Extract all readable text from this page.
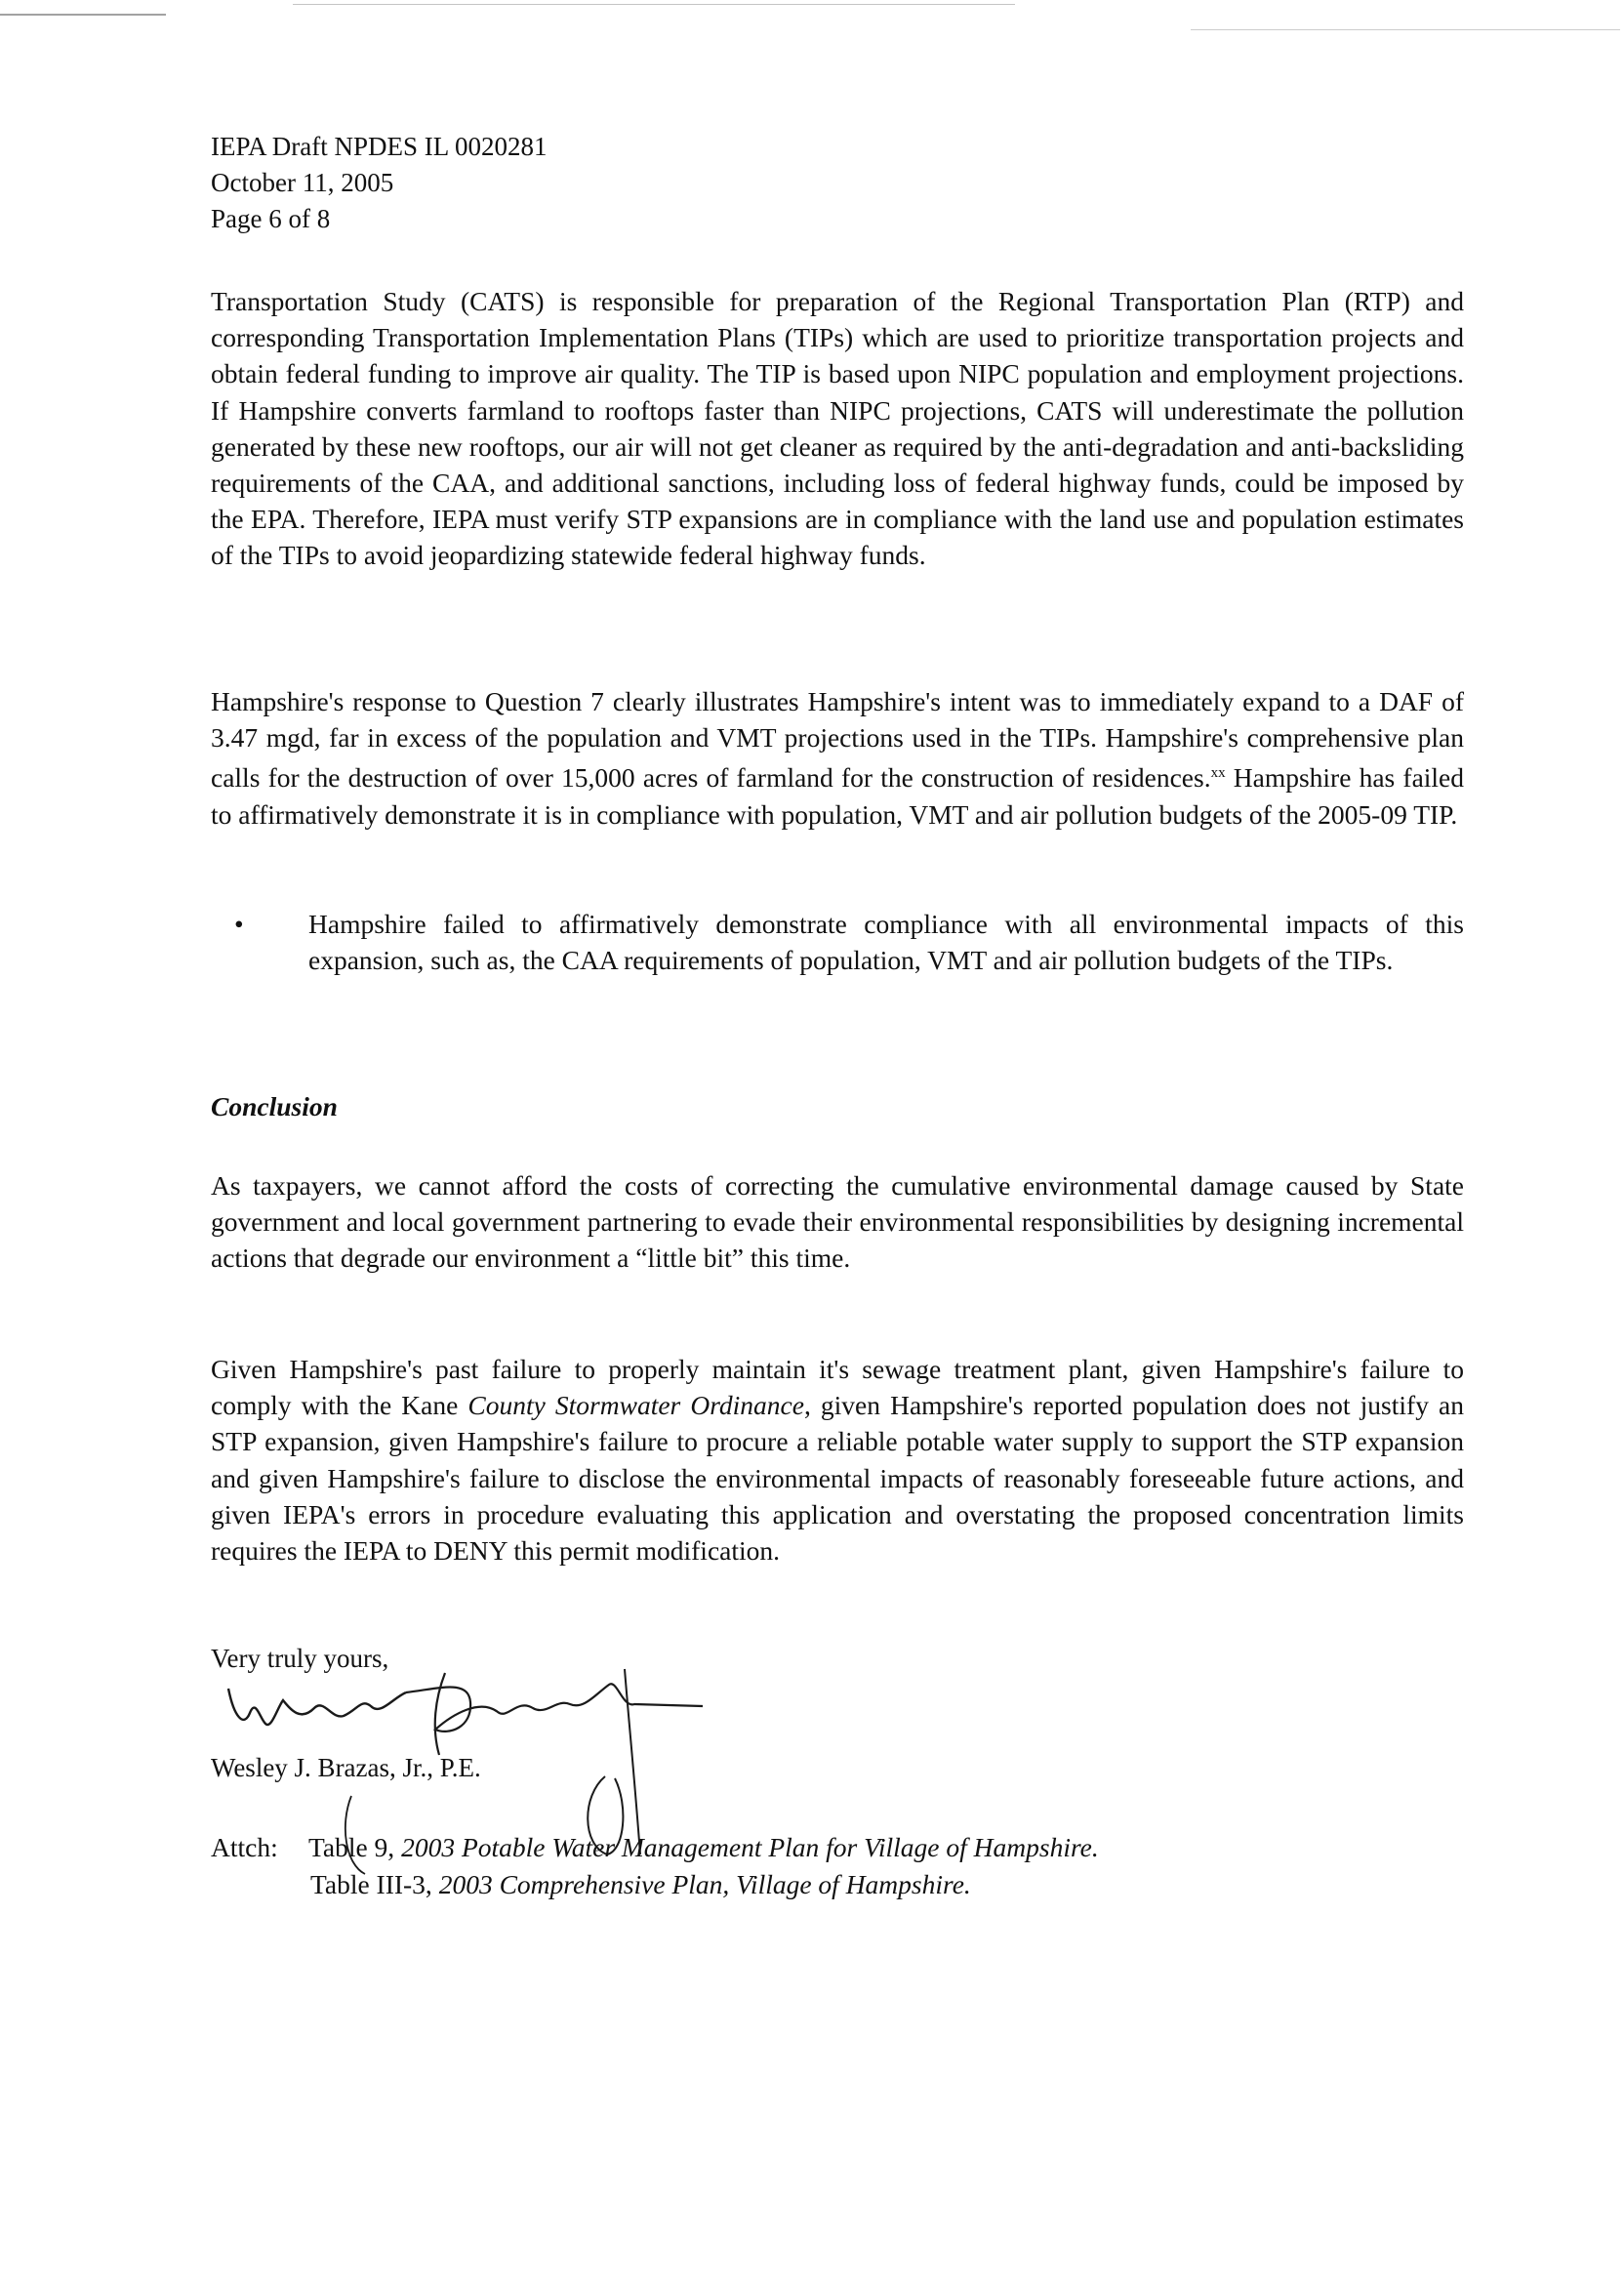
IEPA Draft NPDES IL 0020281
October 11, 2005
Page 6 of 8

Transportation Study (CATS) is responsible for preparation of the Regional Transportation Plan (RTP) and corresponding Transportation Implementation Plans (TIPs) which are used to prioritize transportation projects and obtain federal funding to improve air quality. The TIP is based upon NIPC population and employment projections. If Hampshire converts farmland to rooftops faster than NIPC projections, CATS will underestimate the pollution generated by these new rooftops, our air will not get cleaner as required by the anti-degradation and anti-backsliding requirements of the CAA, and additional sanctions, including loss of federal highway funds, could be imposed by the EPA. Therefore, IEPA must verify STP expansions are in compliance with the land use and population estimates of the TIPs to avoid jeopardizing statewide federal highway funds.

Hampshire's response to Question 7 clearly illustrates Hampshire's intent was to immediately expand to a DAF of 3.47 mgd, far in excess of the population and VMT projections used in the TIPs. Hampshire's comprehensive plan calls for the destruction of over 15,000 acres of farmland for the construction of residences.$^{xx}$ Hampshire has failed to affirmatively demonstrate it is in compliance with population, VMT and air pollution budgets of the 2005-09 TIP.

•	Hampshire failed to affirmatively demonstrate compliance with all environmental impacts of this expansion, such as, the CAA requirements of population, VMT and air pollution budgets of the TIPs.
Conclusion

As taxpayers, we cannot afford the costs of correcting the cumulative environmental damage caused by State government and local government partnering to evade their environmental responsibilities by designing incremental actions that degrade our environment a “little bit” this time.

Given Hampshire's past failure to properly maintain it's sewage treatment plant, given Hampshire's failure to comply with the Kane County Stormwater Ordinance, given Hampshire's reported population does not justify an STP expansion, given Hampshire's failure to procure a reliable potable water supply to support the STP expansion and given Hampshire's failure to disclose the environmental impacts of reasonably foreseeable future actions, and given IEPA's errors in procedure evaluating this application and overstating the proposed concentration limits requires the IEPA to DENY this permit modification.

Very truly yours,
Wesley J. Brazas, Jr., P.E.
Attch: Table 9, 2003 Potable Water Management Plan for Village of Hampshire.
Table III-3, 2003 Comprehensive Plan, Village of Hampshire.
